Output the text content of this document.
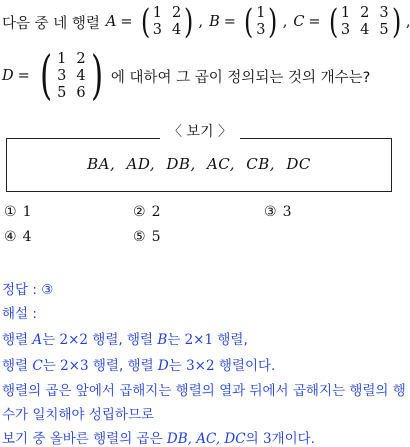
다음 중 네 행렬 A = ( 1 2
3 4 ) , B = ( 1
3 ) , C = ( 1 2 3
3 4 5 ) ,
D = ( 1 2
3 4
5 6 ) 에 대하여 그 곱이 정의되는 것의 개수는?
〈 보기 〉
BA, AD, DB, AC, CB, DC
① 1	② 2	③ 3
④ 4	⑤ 5
정답 : ③
해설 :
행렬 A는 2×2 행렬, 행렬 B는 2×1 행렬,
행렬 C는 2×3 행렬, 행렬 D는 3×2 행렬이다.
행렬의 곱은 앞에서 곱해지는 행렬의 열과 뒤에서 곱해지는 행렬의 행
수가 일치해야 성립하므로
보기 중 올바른 행렬의 곱은 DB, AC, DC의 3개이다.
